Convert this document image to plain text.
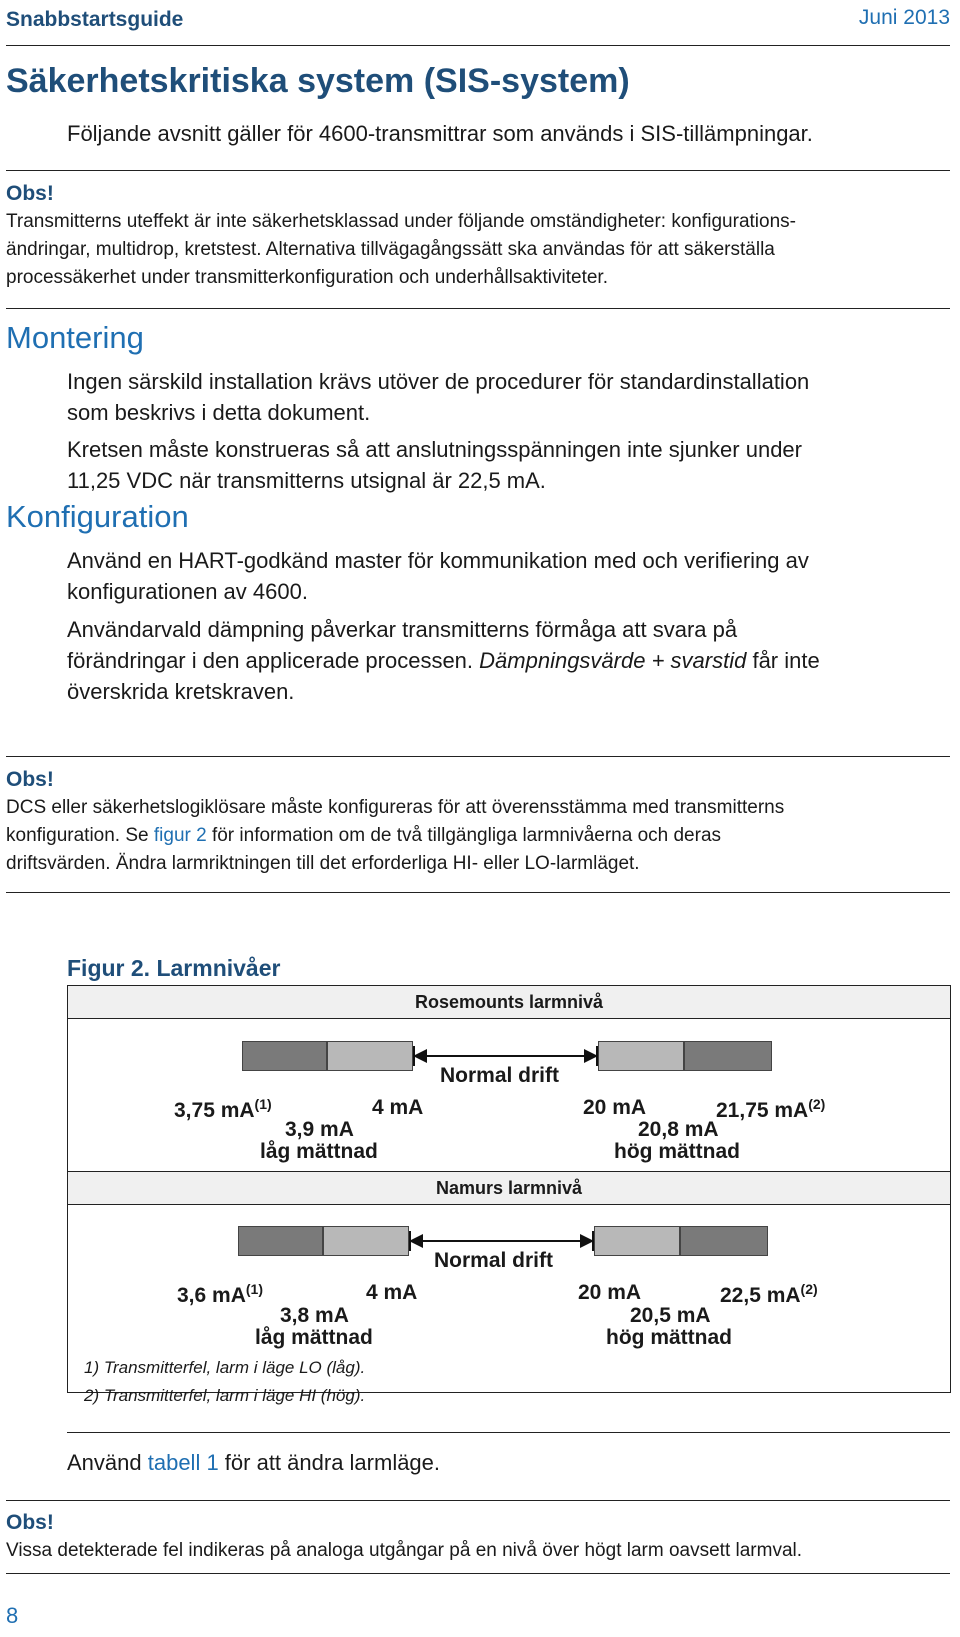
Snabbstartsguide	Juni 2013
Säkerhetskritiska system (SIS-system)
Följande avsnitt gäller för 4600-transmittrar som används i SIS-tillämpningar.
Obs!
Transmitterns uteffekt är inte säkerhetsklassad under följande omständigheter: konfigurations-
ändringar, multidrop, kretstest. Alternativa tillvägagångssätt ska användas för att säkerställa
processäkerhet under transmitterkonfiguration och underhållsaktiviteter.
Montering
Ingen särskild installation krävs utöver de procedurer för standardinstallation
som beskrivs i detta dokument.
Kretsen måste konstrueras så att anslutningsspänningen inte sjunker under
11,25 VDC när transmitterns utsignal är 22,5 mA.
Konfiguration
Använd en HART-godkänd master för kommunikation med och verifiering av
konfigurationen av 4600.
Användarvald dämpning påverkar transmitterns förmåga att svara på
förändringar i den applicerade processen. Dämpningsvärde + svarstid får inte
överskrida kretskraven.
Obs!
DCS eller säkerhetslogiklösare måste konfigureras för att överensstämma med transmitterns
konfiguration. Se figur 2 för information om de två tillgängliga larmnivåerna och deras
driftsvärden. Ändra larmriktningen till det erforderliga HI- eller LO-larmläget.
Figur 2. Larmnivåer
Rosemounts larmnivå
Normal drift
3,75 $mA^{(1)}$	4 mA	20 mA	21,75 $mA^{(2)}$
3,9 mA	20,8 mA
låg mättnad	hög mättnad
Namurs larmnivå
Normal drift
3,6 $mA^{(1)}$	4 mA	20 mA	22,5 $mA^{(2)}$
3,8 mA	20,5 mA
låg mättnad	hög mättnad
1) Transmitterfel, larm i läge LO (låg).
2) Transmitterfel, larm i läge HI (hög).
Använd tabell 1 för att ändra larmläge.
Obs!
Vissa detekterade fel indikeras på analoga utgångar på en nivå över högt larm oavsett larmval.
8
